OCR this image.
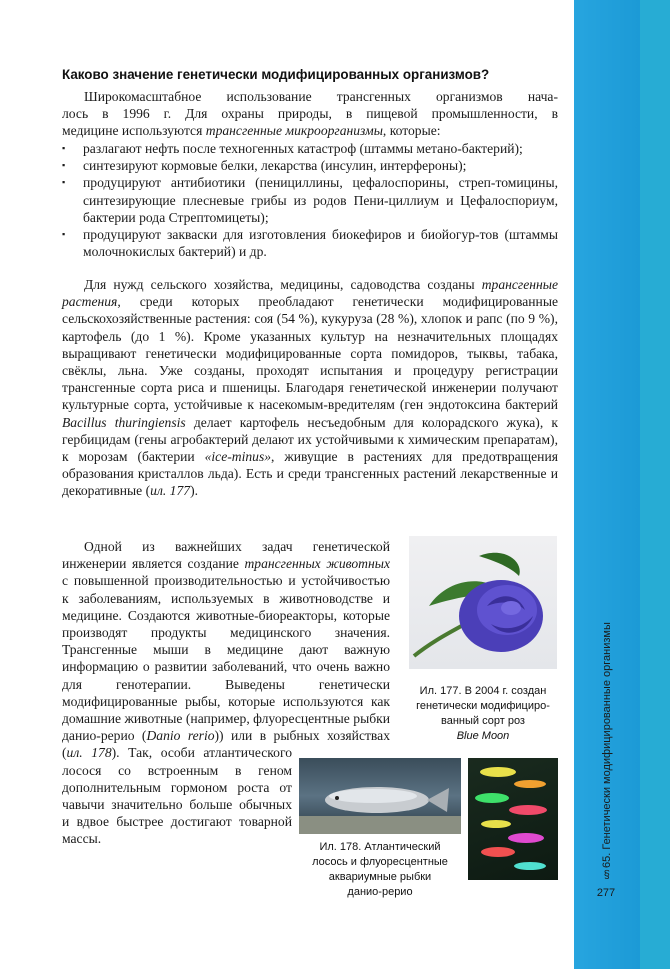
§65. Генетически модифицированные организмы
277
Каково значение генетически модифицированных организмов?

Широкомасштабное использование трансгенных организмов нача-

лось в 1996 г. Для охраны природы, в пищевой промышленности, в

медицине используются трансгенные микроорганизмы, которые:

▪ разлагают нефть после техногенных катастроф (штаммы метано-бактерий);
▪ синтезируют кормовые белки, лекарства (инсулин, интерфероны);
▪ продуцируют антибиотики (пенициллины, цефалоспорины, стреп-томицины, синтезирующие плесневые грибы из родов Пени-циллиум и Цефалоспориум, бактерии рода Стрептомицеты);
▪ продуцируют закваски для изготовления биокефиров и биойогур-тов (штаммы молочнокислых бактерий) и др.

Для нужд сельского хозяйства, медицины, садоводства созданы трансгенные растения, среди которых преобладают генетически модифицированные сельскохозяйственные растения: соя (54 %), кукуруза (28 %), хлопок и рапс (по 9 %), картофель (до 1 %). Кроме указанных культур на незначительных площадях выращивают генетически модифицированные сорта помидоров, тыквы, табака, свёклы, льна. Уже созданы, проходят испытания и процедуру регистрации трансгенные сорта риса и пшеницы. Благодаря генетической инженерии получают культурные сорта, устойчивые к насекомым-вредителям (ген эндотоксина бактерий Bacillus thuringiensis делает картофель несъедобным для колорадского жука), к гербицидам (гены агробактерий делают их устойчивыми к химическим препаратам), к морозам (бактерии «ice-minus», живущие в растениях для предотвращения образования кристаллов льда). Есть и среди трансгенных растений лекарственные и декоративные (ил. 177).

Одной из важнейших задач генетической инженерии является создание трансгенных животных с повышенной производительностью и устойчивостью к заболеваниям, используемых в животноводстве и медицине. Создаются животные-биореакторы, которые производят продукты медицинского значения. Трансгенные мыши в медицине дают важную информацию о развитии заболеваний, что очень важно для генотерапии. Выведены генетически модифицированные рыбы, которые используются как домашние животные (например, флуоресцентные рыбки данио-рерио (Danio rerio)) или в рыбных хозяйствах (ил. 178). Так, особи атлантического лосося со встроенным в геном дополнительным гормоном роста от чавычи значительно больше обычных и вдвое быстрее достигают товарной массы.

Ил. 177. В 2004 г. создан
генетически модифициро-
ванный сорт роз
Blue Moon
Ил. 178. Атлантический
лосось и флуоресцентные
аквариумные рыбки
данио-рерио
